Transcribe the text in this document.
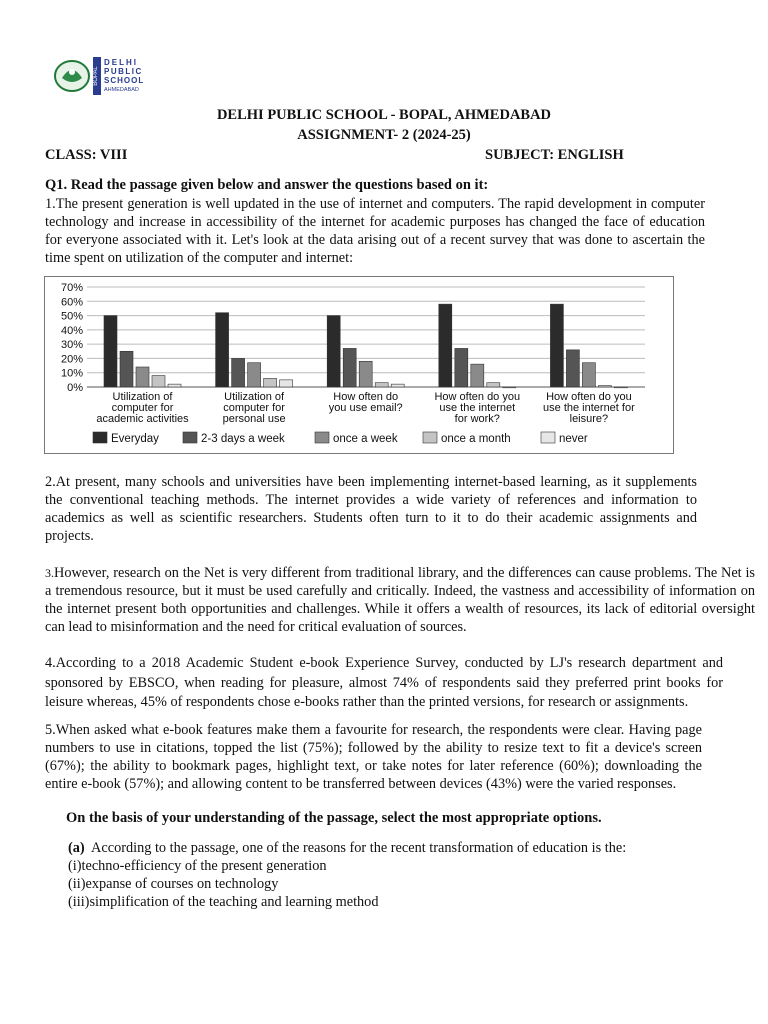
BOPAL
DELHI
PUBLIC
SCHOOL
AHMEDABAD
DELHI PUBLIC SCHOOL - BOPAL, AHMEDABAD
ASSIGNMENT- 2 (2024-25)
CLASS: VIII	SUBJECT: ENGLISH
Q1. Read the passage given below and answer the questions based on it:
1.The present generation is well updated in the use of internet and computers. The rapid development in computer technology and increase in accessibility of the internet for academic purposes has changed the face of education for everyone associated with it. Let's look at the data arising out of a recent survey that was done to ascertain the time spent on utilization of the computer and internet:
70%
60%
50%
40%
30%
20%
10%
0%
Utilization of
computer for
academic activities
Utilization of
computer for
personal use
How often do
you use email?
How often do you
use the internet
for work?
How often do you
use the internet for
leisure?
Everyday	2-3 days a week	once a week	once a month	never
2.At present, many schools and universities have been implementing internet-based learning, as it supplements the conventional teaching methods. The internet provides a wide variety of references and information to academics as well as scientific researchers. Students often turn to it to do their academic assignments and projects.
3.However, research on the Net is very different from traditional library, and the differences can cause problems. The Net is a tremendous resource, but it must be used carefully and critically. Indeed, the vastness and accessibility of information on the internet present both opportunities and challenges. While it offers a wealth of resources, its lack of editorial oversight can lead to misinformation and the need for critical evaluation of sources.
4.According to a 2018 Academic Student e-book Experience Survey, conducted by LJ's research department and sponsored by EBSCO, when reading for pleasure, almost 74% of respondents said they preferred print books for leisure whereas, 45% of respondents chose e-books rather than the printed versions, for research or assignments.
5.When asked what e-book features make them a favourite for research, the respondents were clear. Having page numbers to use in citations, topped the list (75%); followed by the ability to resize text to fit a device's screen (67%); the ability to bookmark pages, highlight text, or take notes for later reference (60%); downloading the entire e-book (57%); and allowing content to be transferred between devices (43%) were the varied responses.
On the basis of your understanding of the passage, select the most appropriate options.
(a) According to the passage, one of the reasons for the recent transformation of education is the:
(i)techno-efficiency of the present generation
(ii)expanse of courses on technology
(iii)simplification of the teaching and learning method
